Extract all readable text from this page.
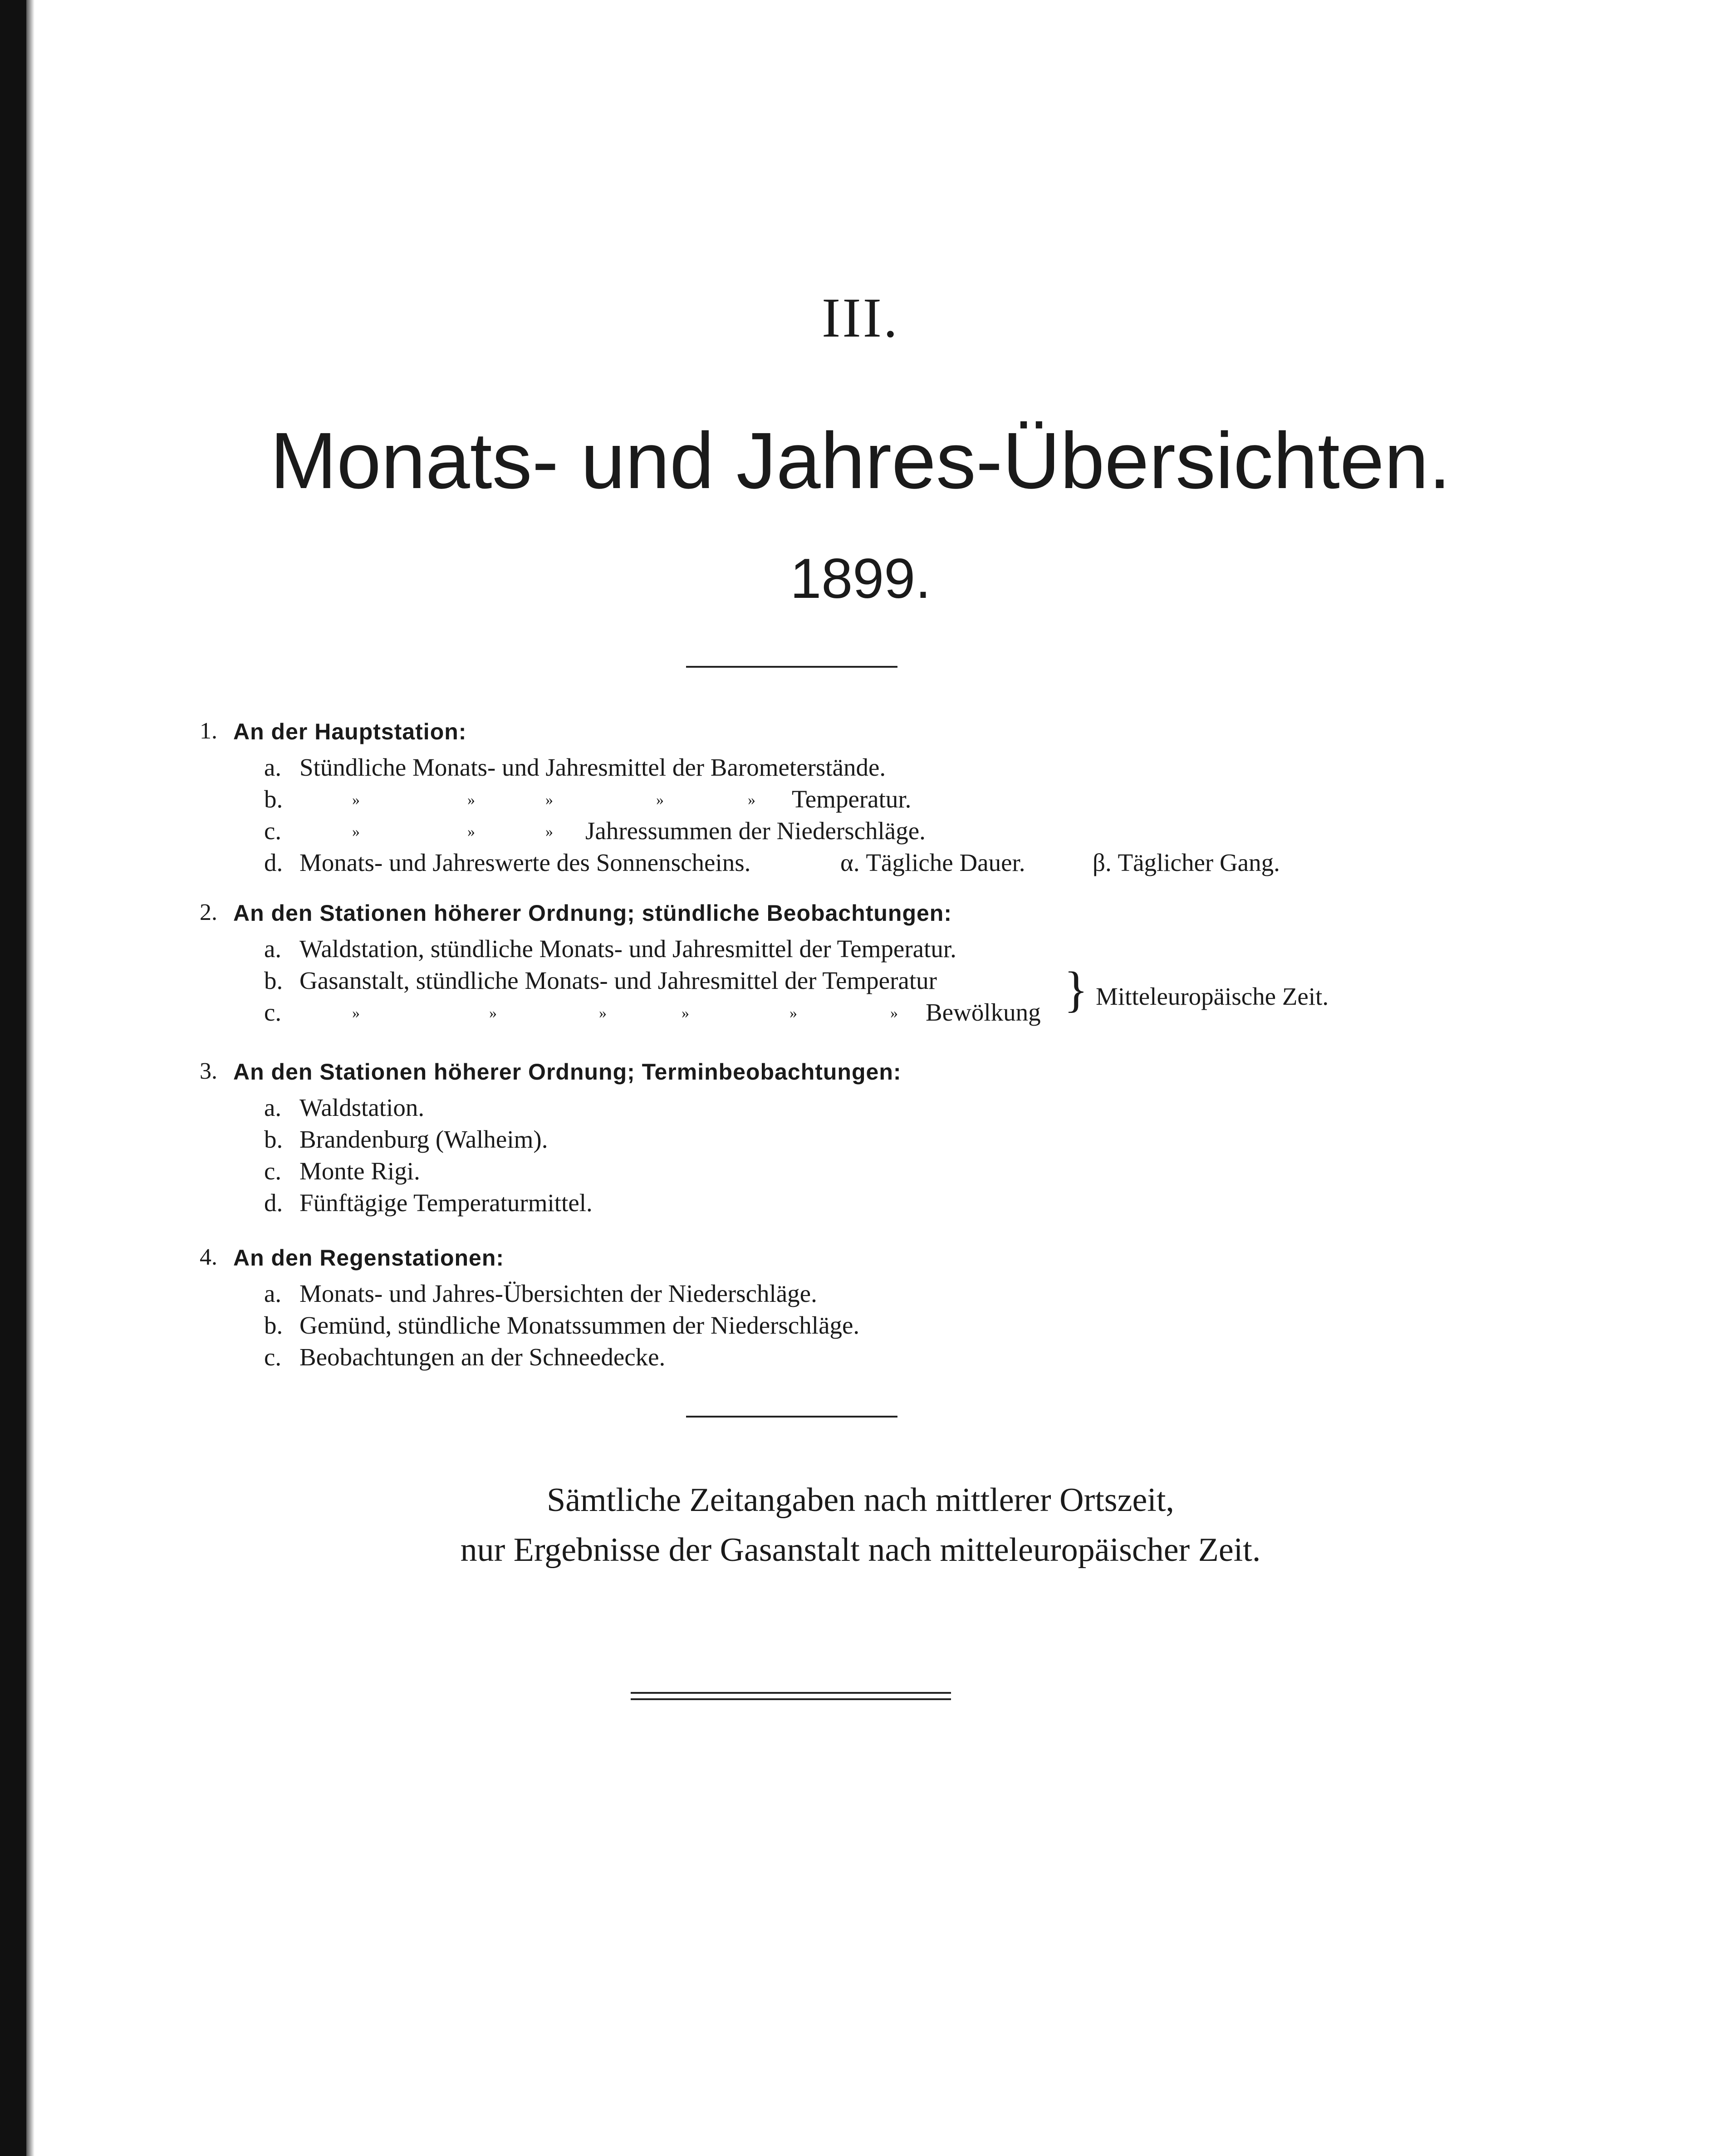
III.
Monats- und Jahres-Übersichten.
1899.
1. An der Hauptstation:
a. Stündliche Monats- und Jahresmittel der Barometerstände.
b.	»	»	»	»	» Temperatur.
c.	»	»	» Jahressummen der Niederschläge.
d. Monats- und Jahreswerte des Sonnenscheins.	α. Tägliche Dauer.	β. Täglicher Gang.
2. An den Stationen höherer Ordnung; stündliche Beobachtungen:
a. Waldstation, stündliche Monats- und Jahresmittel der Temperatur.
b. Gasanstalt, stündliche Monats- und Jahresmittel der Temperatur
c.	»	»	»	»	»	» Bewölkung } Mitteleuropäische Zeit.
3. An den Stationen höherer Ordnung; Terminbeobachtungen:
a. Waldstation.
b. Brandenburg (Walheim).
c. Monte Rigi.
d. Fünftägige Temperaturmittel.
4. An den Regenstationen:
a. Monats- und Jahres-Übersichten der Niederschläge.
b. Gemünd, stündliche Monatssummen der Niederschläge.
c. Beobachtungen an der Schneedecke.
Sämtliche Zeitangaben nach mittlerer Ortszeit,
nur Ergebnisse der Gasanstalt nach mitteleuropäischer Zeit.
